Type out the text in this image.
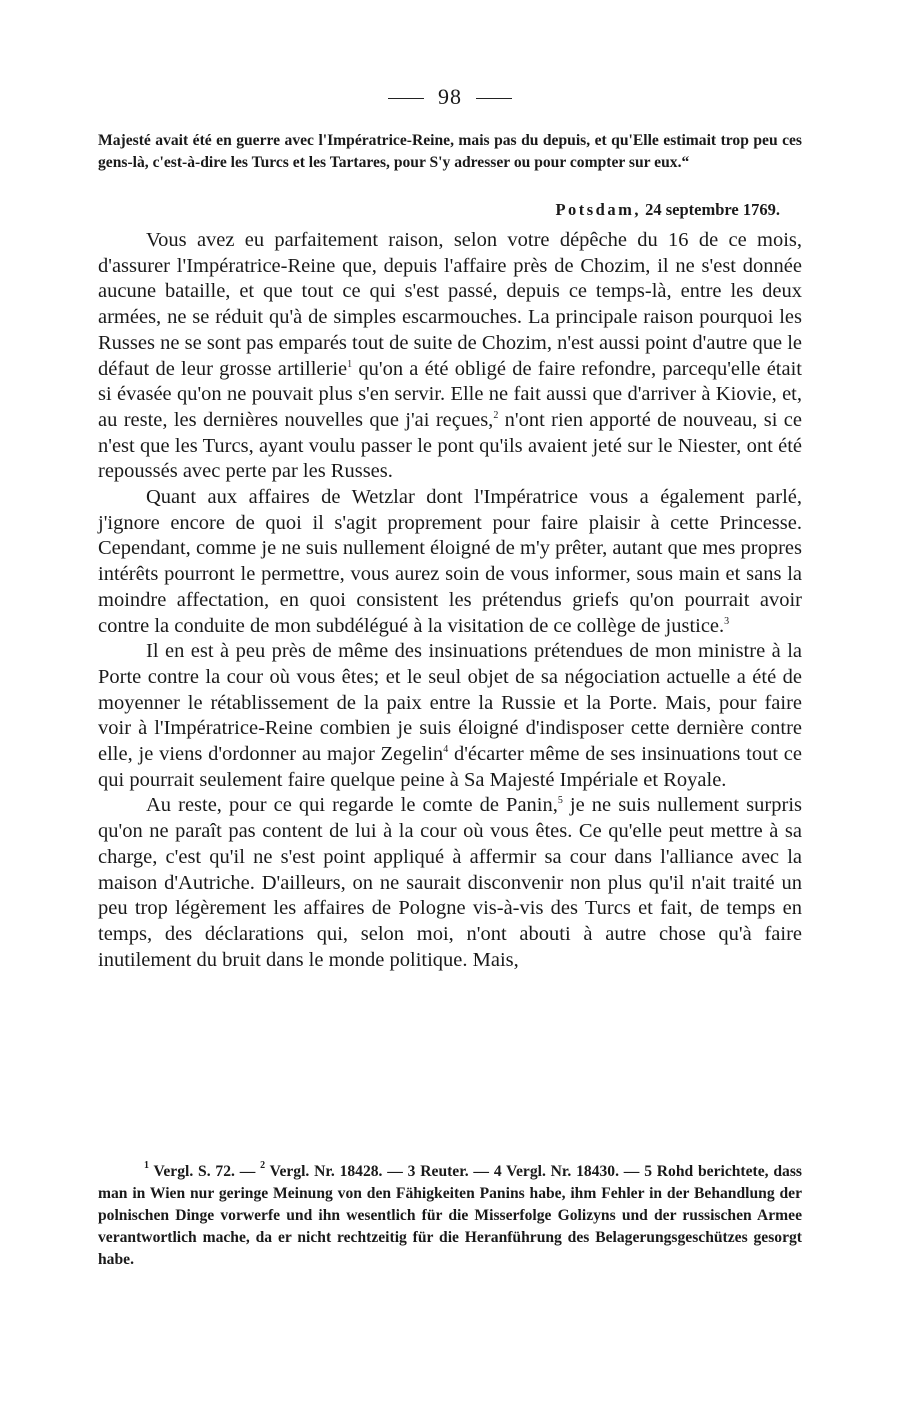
98
Majesté avait été en guerre avec l'Impératrice-Reine, mais pas du depuis, et qu'Elle estimait trop peu ces gens-là, c'est-à-dire les Turcs et les Tartares, pour S'y adresser ou pour compter sur eux.“
Potsdam, 24 septembre 1769.

Vous avez eu parfaitement raison, selon votre dépêche du 16 de ce mois, d'assurer l'Impératrice-Reine que, depuis l'affaire près de Chozim, il ne s'est donnée aucune bataille, et que tout ce qui s'est passé, depuis ce temps-là, entre les deux armées, ne se réduit qu'à de simples escarmouches. La principale raison pourquoi les Russes ne se sont pas emparés tout de suite de Chozim, n'est aussi point d'autre que le défaut de leur grosse artillerie$^1$ qu'on a été obligé de faire refondre, parcequ'elle était si évasée qu'on ne pouvait plus s'en servir. Elle ne fait aussi que d'arriver à Kiovie, et, au reste, les dernières nouvelles que j'ai reçues,$^2$ n'ont rien apporté de nouveau, si ce n'est que les Turcs, ayant voulu passer le pont qu'ils avaient jeté sur le Niester, ont été repoussés avec perte par les Russes.

Quant aux affaires de Wetzlar dont l'Impératrice vous a également parlé, j'ignore encore de quoi il s'agit proprement pour faire plaisir à cette Princesse. Cependant, comme je ne suis nullement éloigné de m'y prêter, autant que mes propres intérêts pourront le permettre, vous aurez soin de vous informer, sous main et sans la moindre affectation, en quoi consistent les prétendus griefs qu'on pourrait avoir contre la conduite de mon subdélégué à la visitation de ce collège de justice.$^3$

Il en est à peu près de même des insinuations prétendues de mon ministre à la Porte contre la cour où vous êtes; et le seul objet de sa négociation actuelle a été de moyenner le rétablissement de la paix entre la Russie et la Porte. Mais, pour faire voir à l'Impératrice-Reine combien je suis éloigné d'indisposer cette dernière contre elle, je viens d'ordonner au major Zegelin$^4$ d'écarter même de ses insinuations tout ce qui pourrait seulement faire quelque peine à Sa Majesté Impériale et Royale.

Au reste, pour ce qui regarde le comte de Panin,$^5$ je ne suis nullement surpris qu'on ne paraît pas content de lui à la cour où vous êtes. Ce qu'elle peut mettre à sa charge, c'est qu'il ne s'est point appliqué à affermir sa cour dans l'alliance avec la maison d'Autriche. D'ailleurs, on ne saurait disconvenir non plus qu'il n'ait traité un peu trop légèrement les affaires de Pologne vis-à-vis des Turcs et fait, de temps en temps, des déclarations qui, selon moi, n'ont abouti à autre chose qu'à faire inutilement du bruit dans le monde politique. Mais,

$^1$ Vergl. S. 72. — $^2$ Vergl. Nr. 18428. — 3 Reuter. — 4 Vergl. Nr. 18430. — 5 Rohd berichtete, dass man in Wien nur geringe Meinung von den Fähigkeiten Panins habe, ihm Fehler in der Behandlung der polnischen Dinge vorwerfe und ihn wesentlich für die Misserfolge Golizyns und der russischen Armee verantwortlich mache, da er nicht rechtzeitig für die Heranführung des Belagerungsgeschützes gesorgt habe.
